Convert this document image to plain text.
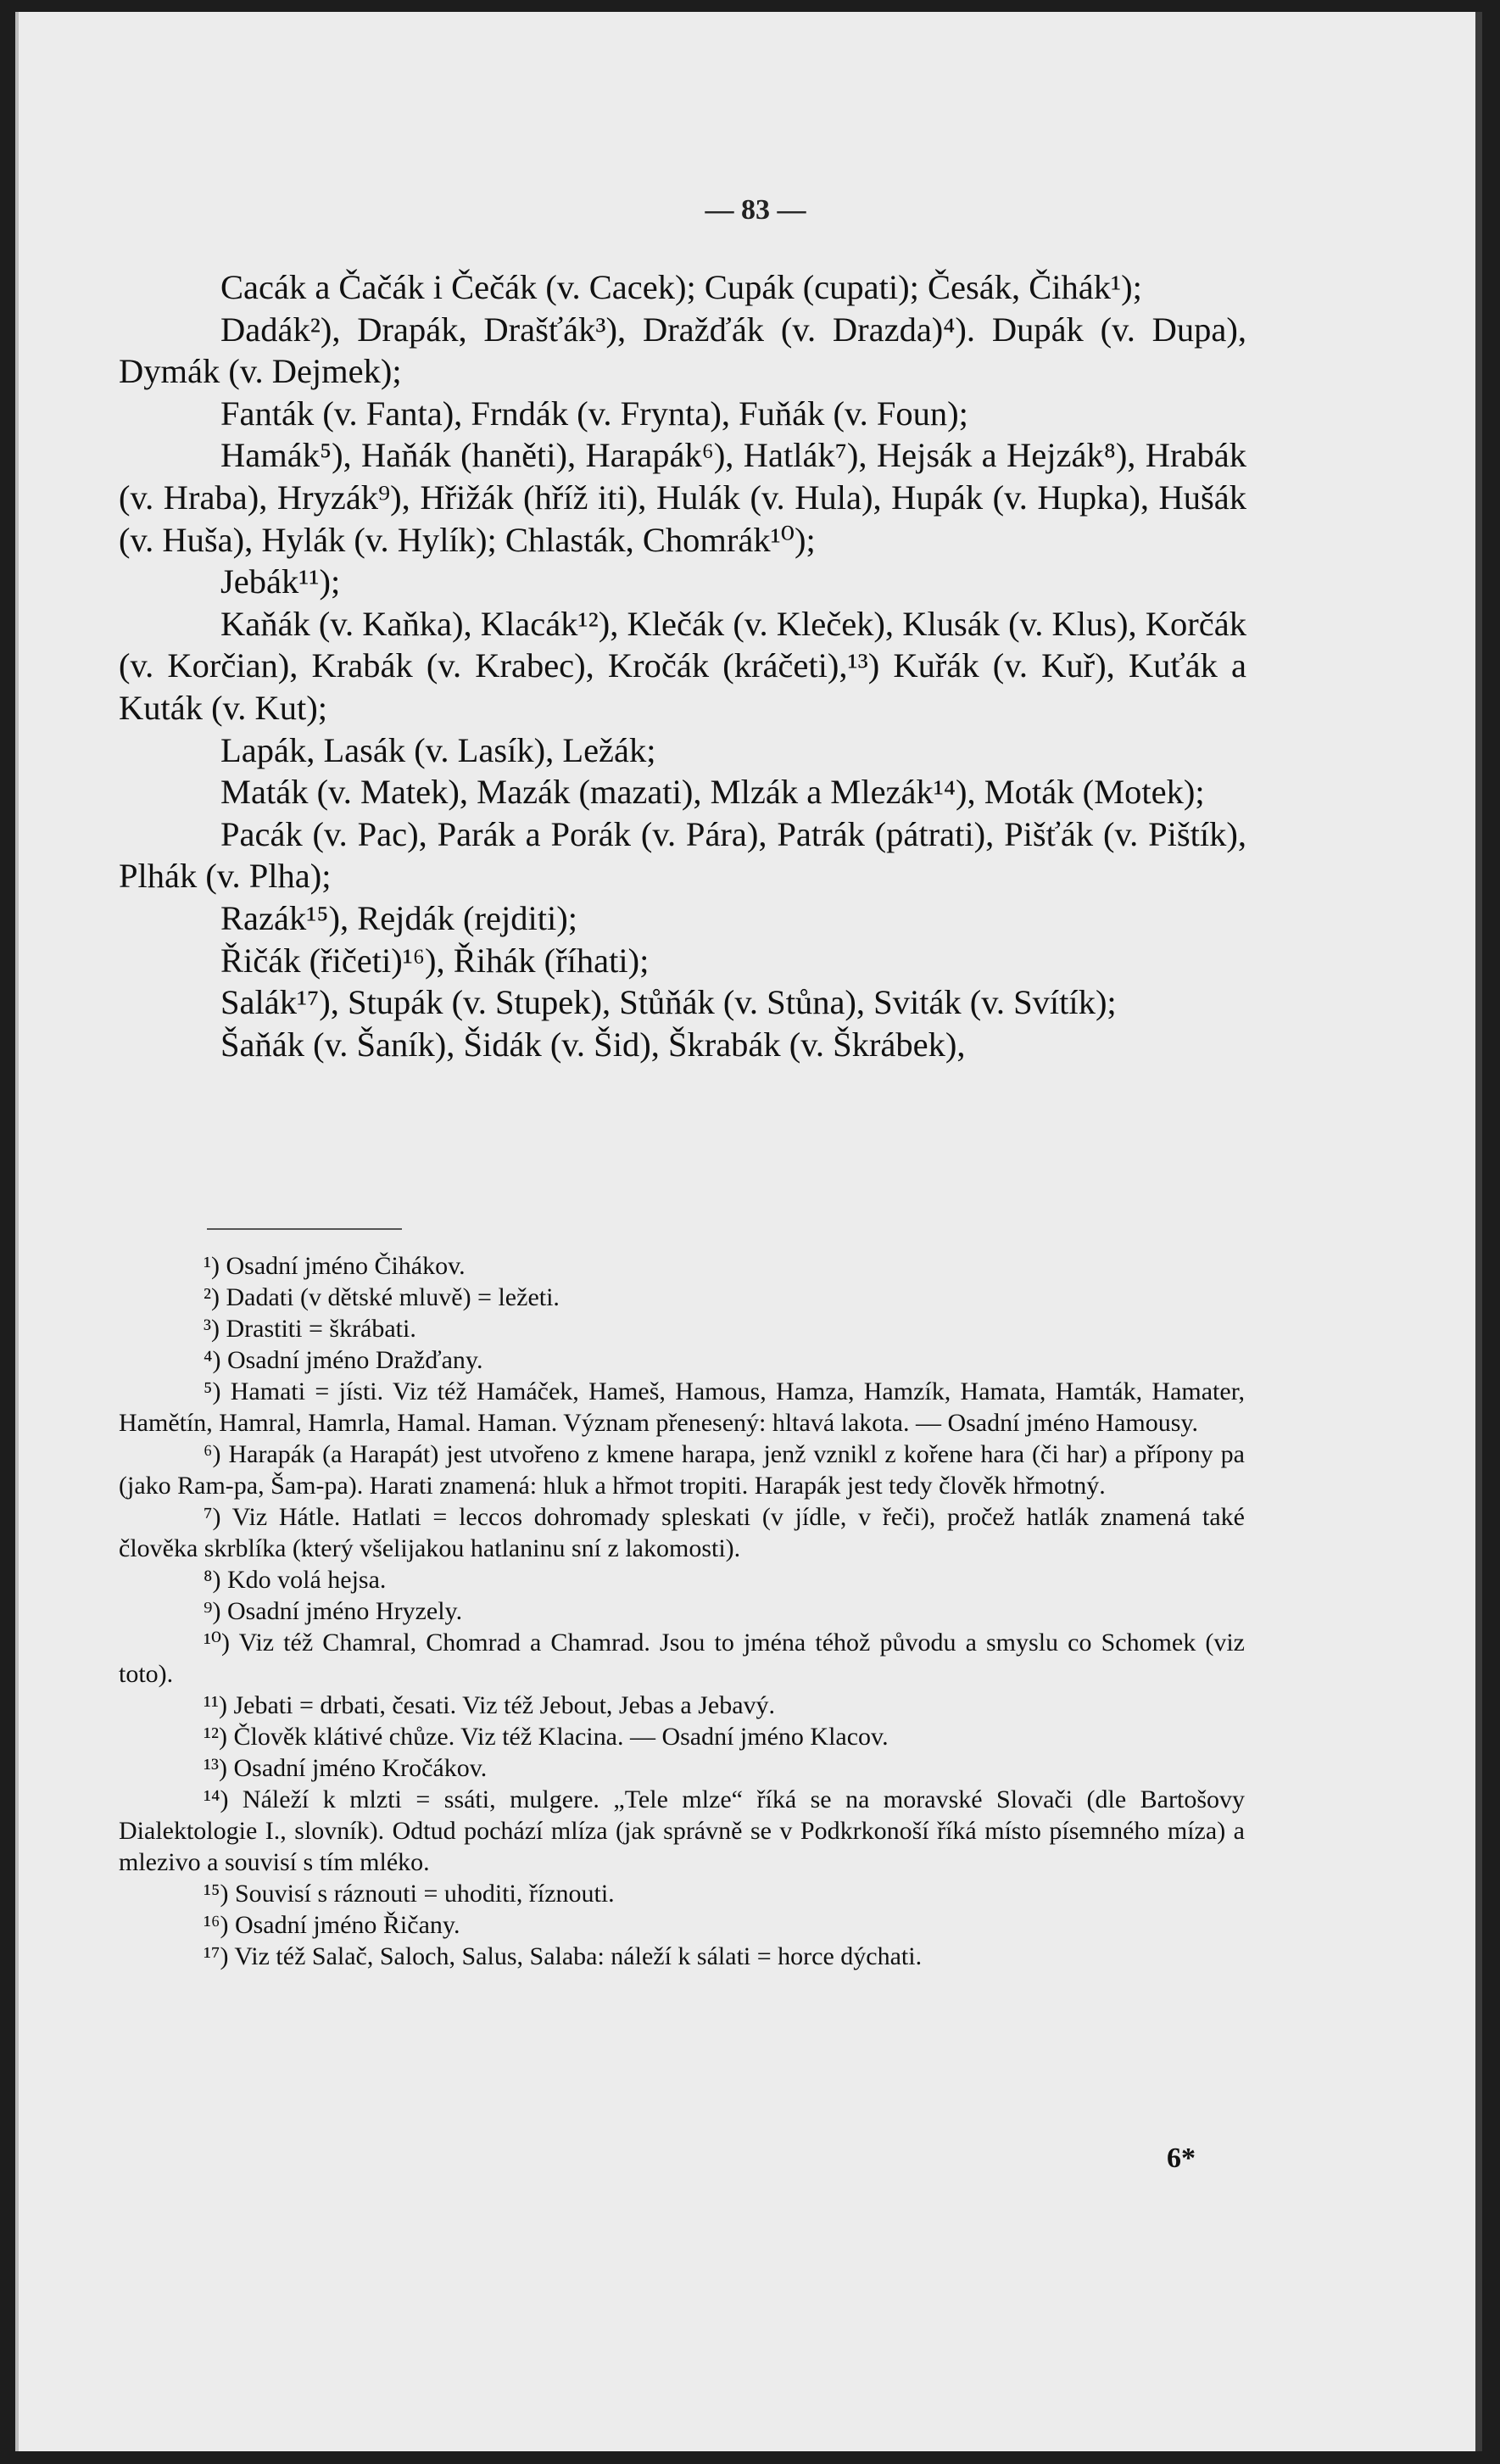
— 83 —

Cacák a Čačák i Čečák (v. Cacek); Cupák (cupati); Česák, Čihák¹);

Dadák²), Drapák, Drašťák³), Dražďák (v. Drazda)⁴). Dupák (v. Dupa), Dymák (v. Dejmek);

Fanták (v. Fanta), Frndák (v. Frynta), Fuňák (v. Foun);

Hamák⁵), Haňák (haněti), Harapák⁶), Hatlák⁷), Hejsák a Hejzák⁸), Hrabák (v. Hraba), Hryzák⁹), Hřižák (hříž iti), Hulák (v. Hula), Hupák (v. Hupka), Hušák (v. Huša), Hylák (v. Hylík); Chlasták, Chomrák¹⁰);

Jebák¹¹);

Kaňák (v. Kaňka), Klacák¹²), Klečák (v. Kleček), Klusák (v. Klus), Korčák (v. Korčian), Krabák (v. Krabec), Kročák (kráčeti),¹³) Kuřák (v. Kuř), Kuťák a Kuták (v. Kut);

Lapák, Lasák (v. Lasík), Ležák;

Maták (v. Matek), Mazák (mazati), Mlzák a Mlezák¹⁴), Moták (Motek);

Pacák (v. Pac), Parák a Porák (v. Pára), Patrák (pátrati), Pišťák (v. Pištík), Plhák (v. Plha);

Razák¹⁵), Rejdák (rejditi);

Řičák (řičeti)¹⁶), Řihák (říhati);

Salák¹⁷), Stupák (v. Stupek), Stůňák (v. Stůna), Sviták (v. Svítík);

Šaňák (v. Šaník), Šidák (v. Šid), Škrabák (v. Škrábek),

¹) Osadní jméno Čihákov.

²) Dadati (v dětské mluvě) = ležeti.

³) Drastiti = škrábati.

⁴) Osadní jméno Dražďany.

⁵) Hamati = jísti. Viz též Hamáček, Hameš, Hamous, Hamza, Hamzík, Hamata, Hamták, Hamater, Hamětín, Hamral, Hamrla, Hamal. Haman. Význam přenesený: hltavá lakota. — Osadní jméno Hamousy.

⁶) Harapák (a Harapát) jest utvořeno z kmene harapa, jenž vznikl z kořene hara (či har) a přípony pa (jako Ram-pa, Šam-pa). Harati znamená: hluk a hřmot tropiti. Harapák jest tedy člověk hřmotný.

⁷) Viz Hátle. Hatlati = leccos dohromady spleskati (v jídle, v řeči), pročež hatlák znamená také člověka skrblíka (který všelijakou hatlaninu sní z lakomosti).

⁸) Kdo volá hejsa.

⁹) Osadní jméno Hryzely.

¹⁰) Viz též Chamral, Chomrad a Chamrad. Jsou to jména téhož původu a smyslu co Schomek (viz toto).

¹¹) Jebati = drbati, česati. Viz též Jebout, Jebas a Jebavý.

¹²) Člověk klátivé chůze. Viz též Klacina. — Osadní jméno Klacov.

¹³) Osadní jméno Kročákov.

¹⁴) Náleží k mlzti = ssáti, mulgere. „Tele mlze“ říká se na moravské Slovači (dle Bartošovy Dialektologie I., slovník). Odtud pochází mlíza (jak správně se v Podkrkonoší říká místo písemného míza) a mlezivo a souvisí s tím mléko.

¹⁵) Souvisí s ráznouti = uhoditi, říznouti.

¹⁶) Osadní jméno Řičany.

¹⁷) Viz též Salač, Saloch, Salus, Salaba: náleží k sálati = horce dýchati.

6*
